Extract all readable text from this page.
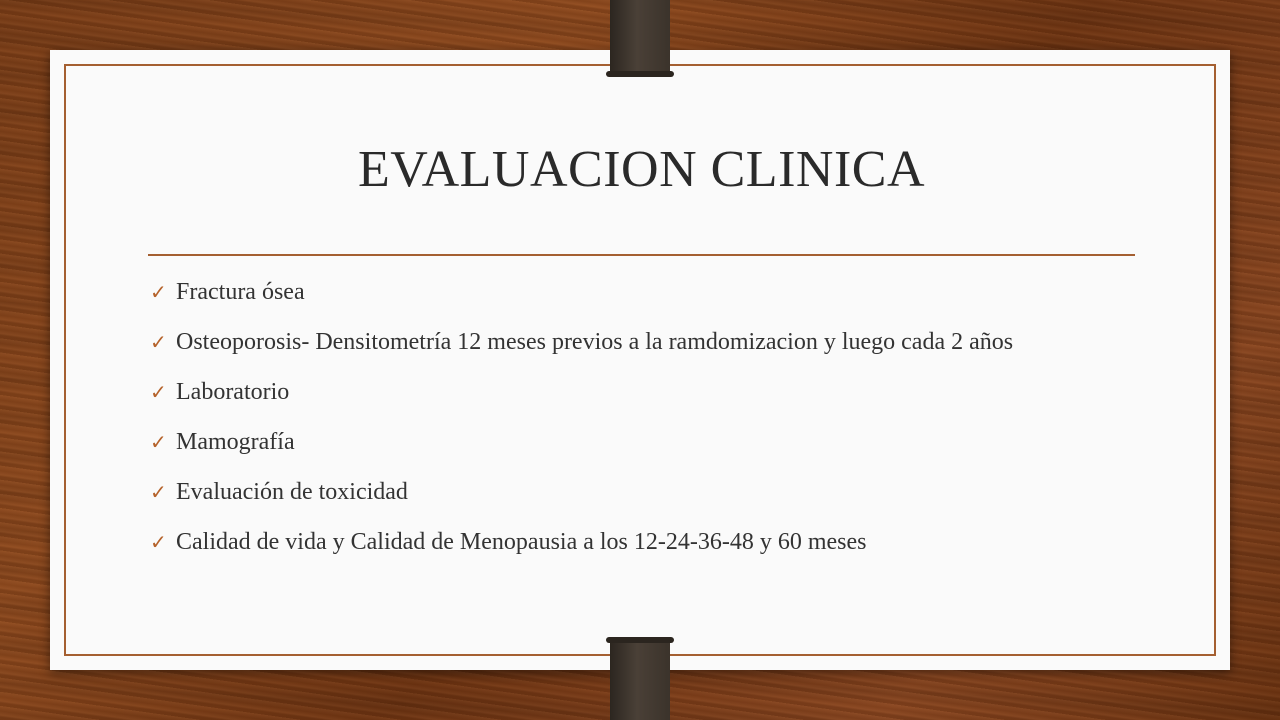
EVALUACION CLINICA
✓ Fractura ósea
✓ Osteoporosis- Densitometría 12 meses previos a la ramdomizacion y luego cada 2 años
✓ Laboratorio
✓ Mamografía
✓ Evaluación de toxicidad
✓ Calidad de vida y Calidad de Menopausia a los 12-24-36-48 y 60 meses
